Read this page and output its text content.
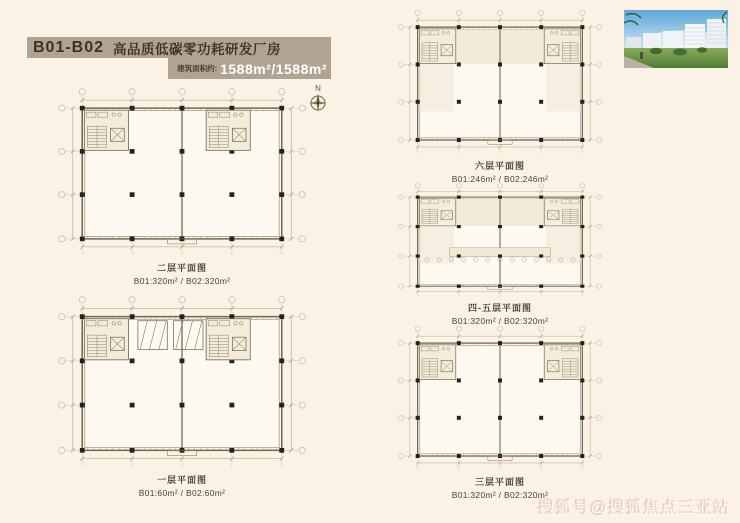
B01-B02 高品质低碳零功耗研发厂房
建筑面积约: 1588m²/1588m²
N
二层平面图
B01:320m² / B02:320m²
一层平面图
B01:60m² / B02:60m²
六层平面图
B01:246m² / B02:246m²
四-五层平面图
B01:320m² / B02:320m²
三层平面图
B01:320m² / B02:320m²
搜狐号@搜狐焦点三亚站
